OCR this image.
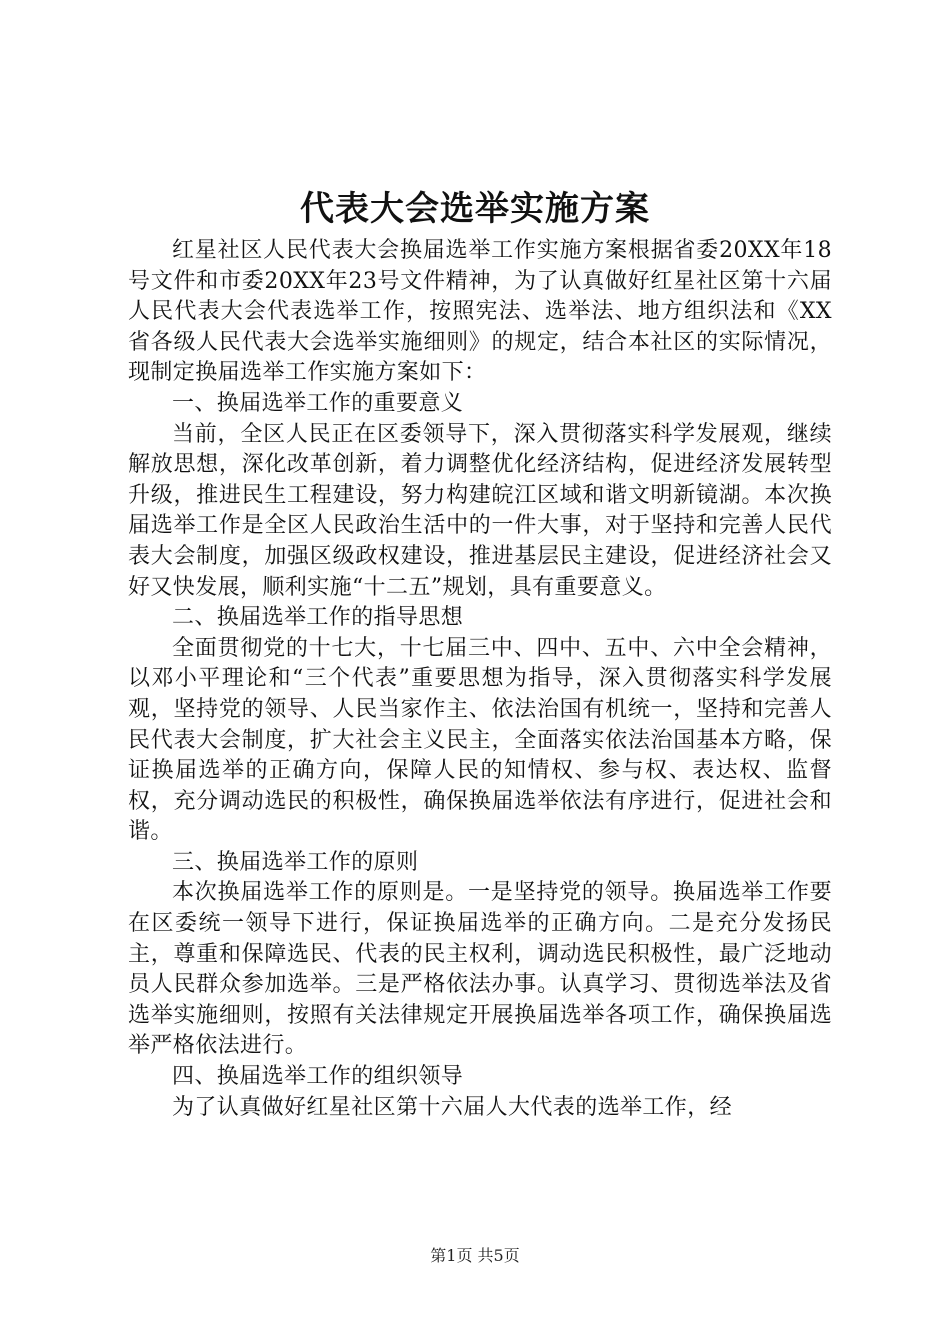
代表大会选举实施方案

红星社区人民代表大会换届选举工作实施方案根据省委20XX年18号文件和市委20XX年23号文件精神，为了认真做好红星社区第十六届人民代表大会代表选举工作，按照宪法、选举法、地方组织法和《XX省各级人民代表大会选举实施细则》的规定，结合本社区的实际情况，现制定换届选举工作实施方案如下：

一、换届选举工作的重要意义

当前，全区人民正在区委领导下，深入贯彻落实科学发展观，继续解放思想，深化改革创新，着力调整优化经济结构，促进经济发展转型升级，推进民生工程建设，努力构建皖江区域和谐文明新镜湖。本次换届选举工作是全区人民政治生活中的一件大事，对于坚持和完善人民代表大会制度，加强区级政权建设，推进基层民主建设，促进经济社会又好又快发展，顺利实施“十二五”规划，具有重要意义。

二、换届选举工作的指导思想

全面贯彻党的十七大，十七届三中、四中、五中、六中全会精神，以邓小平理论和“三个代表”重要思想为指导，深入贯彻落实科学发展观，坚持党的领导、人民当家作主、依法治国有机统一，坚持和完善人民代表大会制度，扩大社会主义民主，全面落实依法治国基本方略，保证换届选举的正确方向，保障人民的知情权、参与权、表达权、监督权，充分调动选民的积极性，确保换届选举依法有序进行，促进社会和谐。

三、换届选举工作的原则

本次换届选举工作的原则是。一是坚持党的领导。换届选举工作要在区委统一领导下进行，保证换届选举的正确方向。二是充分发扬民主，尊重和保障选民、代表的民主权利，调动选民积极性，最广泛地动员人民群众参加选举。三是严格依法办事。认真学习、贯彻选举法及省选举实施细则，按照有关法律规定开展换届选举各项工作，确保换届选举严格依法进行。

四、换届选举工作的组织领导

为了认真做好红星社区第十六届人大代表的选举工作，经

第1页 共5页
